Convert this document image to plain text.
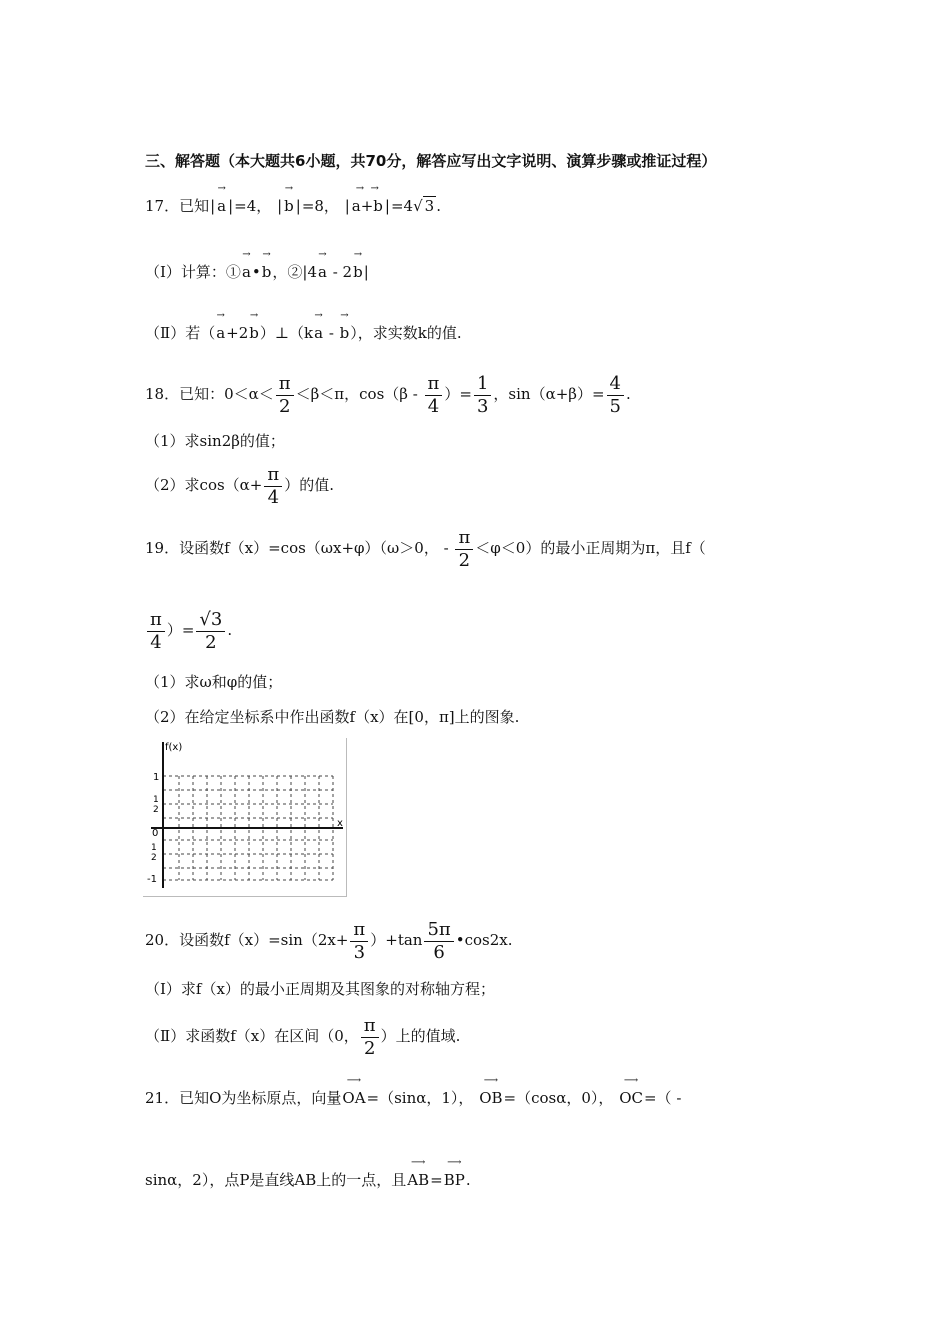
三、解答题（本大题共6小题，共70分，解答应写出文字说明、演算步骤或推证过程）
17．已知|
→
a |=4， |
→
b |=8， |
→  →
a+b |=4√ 3 .
（Ⅰ）计算：①
→
a•
→
b，②|4
→
a - 2
→
b|
（Ⅱ）若（
→
a+2
→
b）⊥（k
→
a -
→
b），求实数k的值.
18．已知：$0<\alpha< \frac{\pi}{2} <\beta<\pi$，$\cos(\beta - \frac{\pi}{4}$ ）= $\frac{1}{3}$ ，$\sin(\alpha+\beta)= \frac{4}{5}$ .
（1）求sin2β的值；
（2）求$\cos(\alpha+ \frac{\pi}{4}$ ）的值.
19．设函数f（x）=cos（ωx+φ）（ω＞0， - $\frac{\pi}{2} <\varphi<0$）的最小正周期为π，且f（
$\frac{\pi}{4}$ ）= $\frac{√3}{2}$ .
（1）求ω和φ的值；
（2）在给定坐标系中作出函数f（x）在[0，π]上的图象.
f(x)
x
1
1
2
0
1
2
-1
20．设函数$f(x)=\sin(2x+ \frac{\pi}{3} )+\tan \frac{5\pi}{6}$ •cos2x.
（Ⅰ）求f（x）的最小正周期及其图象的对称轴方程；
（Ⅱ）求函数f（x）在区间（0， $\frac{\pi}{2}$ ）上的值域.
21．已知O为坐标原点，向量
⟶
OA=（sinα，1），
⟶
OB=（cosα，0），
⟶
OC=（ -
sinα，2），点P是直线AB上的一点，且
⟶
AB=
⟶
BP.
